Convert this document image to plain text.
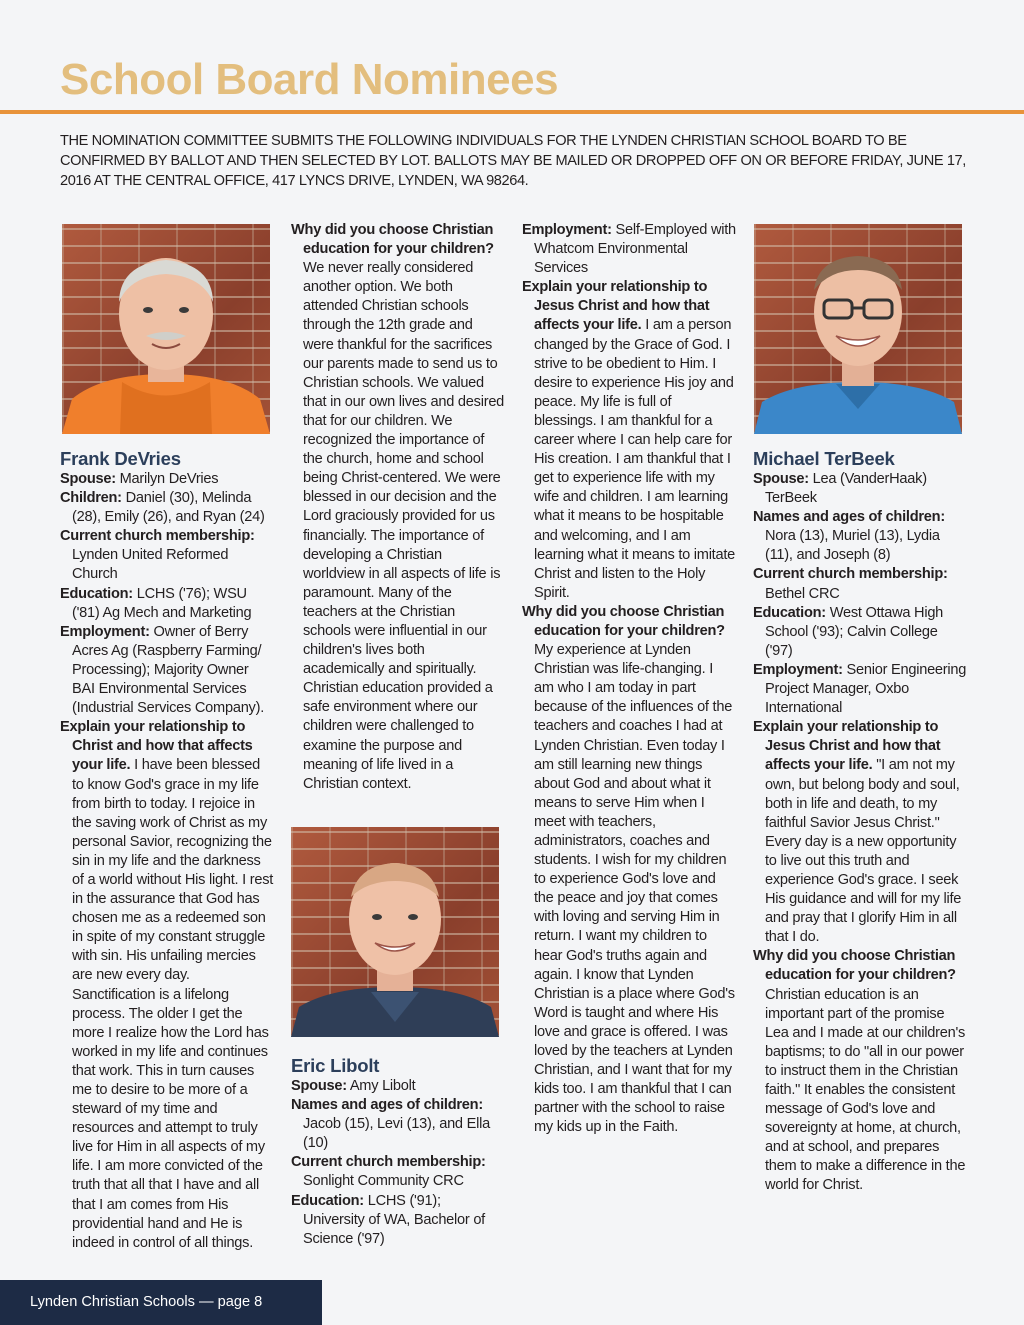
School Board Nominees
THE NOMINATION COMMITTEE SUBMITS THE FOLLOWING INDIVIDUALS FOR THE LYNDEN CHRISTIAN SCHOOL BOARD TO BE CONFIRMED BY BALLOT AND THEN SELECTED BY LOT. BALLOTS MAY BE MAILED OR DROPPED OFF ON OR BEFORE FRIDAY, JUNE 17, 2016 AT THE CENTRAL OFFICE, 417 LYNCS DRIVE, LYNDEN, WA 98264.
Frank DeVries

Spouse: Marilyn DeVries

Children: Daniel (30), Melinda (28), Emily (26), and Ryan (24)

Current church membership: Lynden United Reformed Church

Education: LCHS ('76); WSU ('81) Ag Mech and Marketing

Employment: Owner of Berry Acres Ag (Raspberry Farming/ Processing); Majority Owner BAI Environmental Services (Industrial Services Company).

Explain your relationship to Christ and how that affects your life. I have been blessed to know God's grace in my life from birth to today. I rejoice in the saving work of Christ as my personal Savior, recognizing the sin in my life and the darkness of a world without His light. I rest in the assurance that God has chosen me as a redeemed son in spite of my constant struggle with sin. His unfailing mercies are new every day. Sanctification is a lifelong process. The older I get the more I realize how the Lord has worked in my life and continues that work. This in turn causes me to desire to be more of a steward of my time and resources and attempt to truly live for Him in all aspects of my life. I am more convicted of the truth that all that I have and all that I am comes from His providential hand and He is indeed in control of all things.

Why did you choose Christian education for your children? We never really considered another option. We both attended Christian schools through the 12th grade and were thankful for the sacrifices our parents made to send us to Christian schools. We valued that in our own lives and desired that for our children. We recognized the importance of the church, home and school being Christ-centered. We were blessed in our decision and the Lord graciously provided for us financially. The importance of developing a Christian worldview in all aspects of life is paramount. Many of the teachers at the Christian schools were influential in our children's lives both academically and spiritually. Christian education provided a safe environment where our children were challenged to examine the purpose and meaning of life lived in a Christian context.

Eric Libolt

Spouse: Amy Libolt

Names and ages of children: Jacob (15), Levi (13), and Ella (10)

Current church membership: Sonlight Community CRC

Education: LCHS ('91); University of WA, Bachelor of Science ('97)

Employment: Self-Employed with Whatcom Environmental Services

Explain your relationship to Jesus Christ and how that affects your life. I am a person changed by the Grace of God. I strive to be obedient to Him. I desire to experience His joy and peace. My life is full of blessings. I am thankful for a career where I can help care for His creation. I am thankful that I get to experience life with my wife and children. I am learning what it means to be hospitable and welcoming, and I am learning what it means to imitate Christ and listen to the Holy Spirit.

Why did you choose Christian education for your children? My experience at Lynden Christian was life-changing. I am who I am today in part because of the influences of the teachers and coaches I had at Lynden Christian. Even today I am still learning new things about God and about what it means to serve Him when I meet with teachers, administrators, coaches and students. I wish for my children to experience God's love and the peace and joy that comes with loving and serving Him in return. I want my children to hear God's truths again and again. I know that Lynden Christian is a place where God's Word is taught and where His love and grace is offered. I was loved by the teachers at Lynden Christian, and I want that for my kids too. I am thankful that I can partner with the school to raise my kids up in the Faith.

Michael TerBeek

Spouse: Lea (VanderHaak) TerBeek

Names and ages of children: Nora (13), Muriel (13), Lydia (11), and Joseph (8)

Current church membership: Bethel CRC

Education: West Ottawa High School ('93); Calvin College ('97)

Employment: Senior Engineering Project Manager, Oxbo International

Explain your relationship to Jesus Christ and how that affects your life. "I am not my own, but belong body and soul, both in life and death, to my faithful Savior Jesus Christ." Every day is a new opportunity to live out this truth and experience God's grace. I seek His guidance and will for my life and pray that I glorify Him in all that I do.

Why did you choose Christian education for your children? Christian education is an important part of the promise Lea and I made at our children's baptisms; to do "all in our power to instruct them in the Christian faith." It enables the consistent message of God's love and sovereignty at home, at church, and at school, and prepares them to make a difference in the world for Christ.

Lynden Christian Schools — page 8
